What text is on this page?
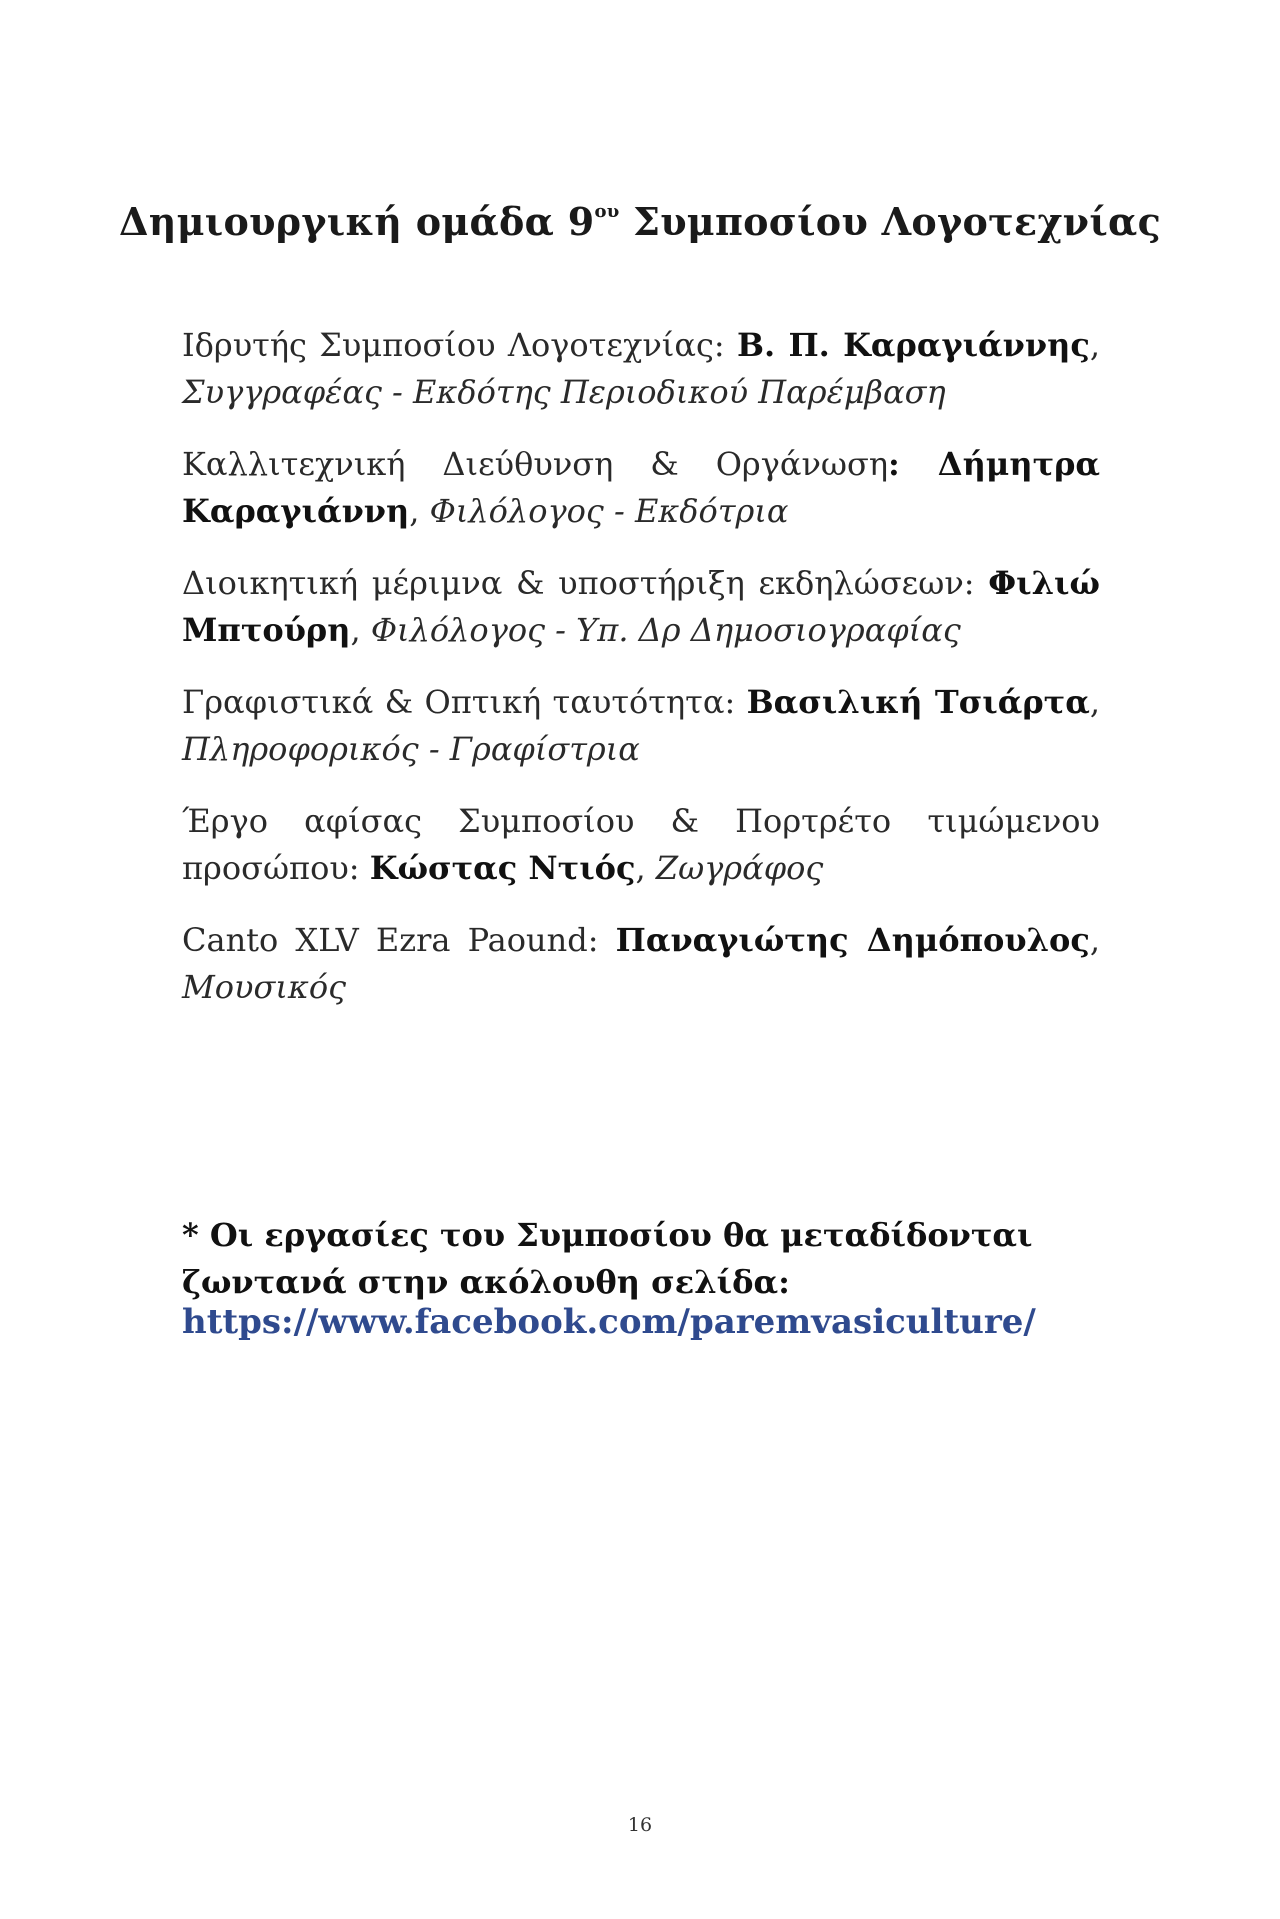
Δημιουργική ομάδα $9^{o\upsilon}$ Συμποσίου Λογοτεχνίας

Ιδρυτής Συμποσίου Λογοτεχνίας: Β. Π. Καραγιάννης, Συγγραφέας - Εκδότης Περιοδικού Παρέμβαση

Καλλιτεχνική Διεύθυνση & Οργάνωση: Δήμητρα Καραγιάννη, Φιλόλογος - Εκδότρια

Διοικητική μέριμνα & υποστήριξη εκδηλώσεων: Φιλιώ Μπτούρη, Φιλόλογος - Υπ. Δρ Δημοσιογραφίας

Γραφιστικά & Οπτική ταυτότητα: Βασιλική Τσιάρτα, Πληροφορικός - Γραφίστρια

Έργο αφίσας Συμποσίου & Πορτρέτο τιμώμενου προσώπου: Κώστας Ντιός, Ζωγράφος

Canto XLV Ezra Paound: Παναγιώτης Δημόπουλος, Μουσικός

* Οι εργασίες του Συμποσίου θα μεταδίδονται ζωντανά στην ακόλουθη σελίδα:

https://www.facebook.com/paremvasiculture/
16
